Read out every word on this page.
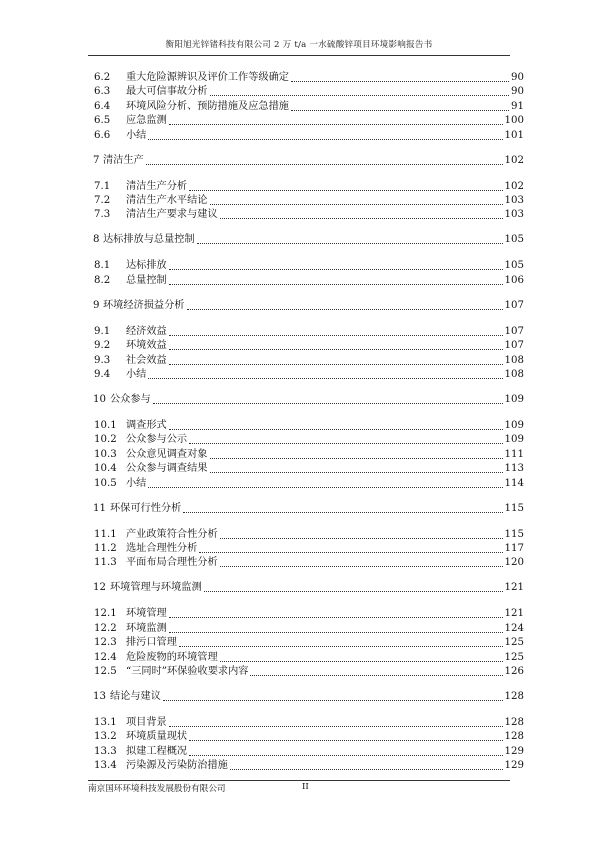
衡阳旭光锌锗科技有限公司 2 万 t/a 一水硫酸锌项目环境影响报告书
6.2	重大危险源辨识及评价工作等级确定	90
6.3	最大可信事故分析	90
6.4	环境风险分析、预防措施及应急措施	91
6.5	应急监测	100
6.6	小结	101
7 清洁生产	102
7.1	清洁生产分析	102
7.2	清洁生产水平结论	103
7.3	清洁生产要求与建议	103
8 达标排放与总量控制	105
8.1	达标排放	105
8.2	总量控制	106
9 环境经济损益分析	107
9.1	经济效益	107
9.2	环境效益	107
9.3	社会效益	108
9.4	小结	108
10 公众参与	109
10.1 调查形式	109
10.2 公众参与公示	109
10.3 公众意见调查对象	111
10.4 公众参与调查结果	113
10.5 小结	114
11 环保可行性分析	115
11.1 产业政策符合性分析	115
11.2 选址合理性分析	117
11.3 平面布局合理性分析	120
12 环境管理与环境监测	121
12.1 环境管理	121
12.2 环境监测	124
12.3 排污口管理	125
12.4 危险废物的环境管理	125
12.5 “三同时”环保验收要求内容	126
13 结论与建议	128
13.1 项目背景	128
13.2 环境质量现状	128
13.3 拟建工程概况	129
13.4 污染源及污染防治措施	129
南京国环环境科技发展股份有限公司	II
